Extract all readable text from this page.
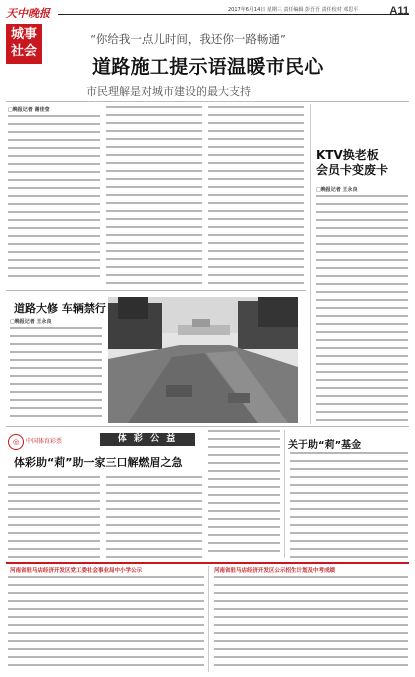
天中晚报
城事
社会
2017年6月14日 星期三 责任编辑 彭吾吾 责任校对 邓思平	A11
“你给我一点儿时间，我还你一路畅通”
道路施工提示语温暖市民心
市民理解是对城市建设的最大支持
□晚报记者 谢佳莹
KTV换老板
会员卡变废卡
□晚报记者 王永良
道路大修 车辆禁行
□晚报记者 王永良
◎	中国体育彩票	体 彩 公 益
体彩助“莉”助一家三口解燃眉之急
关于助“莉”基金
河南省驻马店经济开发区党工委社会事业局中小学公示	河南省驻马店经济开发区公示招生计划及中考成绩
